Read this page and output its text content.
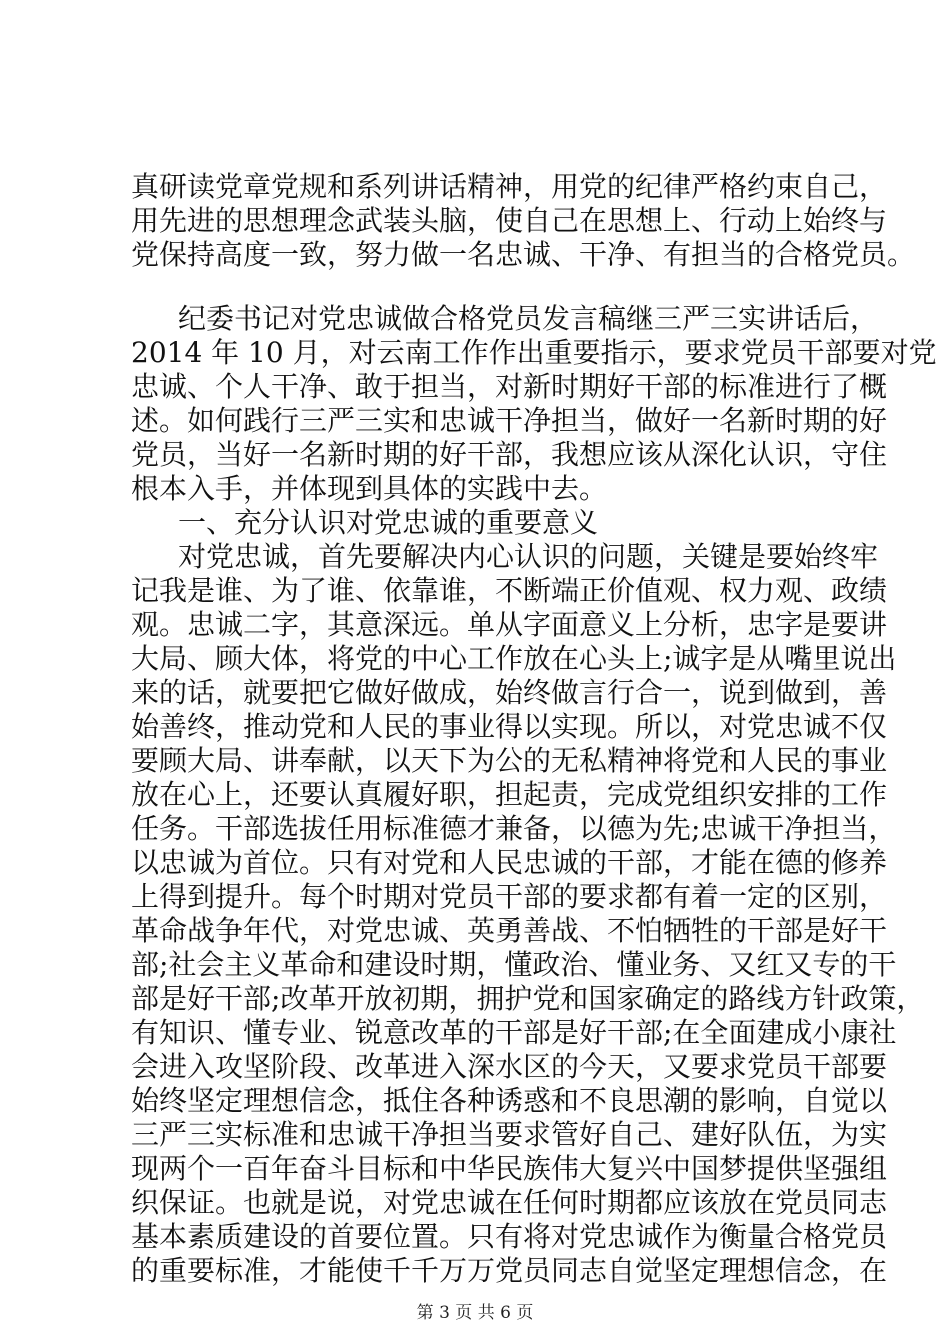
真研读党章党规和系列讲话精神，用党的纪律严格约束自己，
用先进的思想理念武装头脑，使自己在思想上、行动上始终与
党保持高度一致，努力做一名忠诚、干净、有担当的合格党员。
纪委书记对党忠诚做合格党员发言稿继三严三实讲话后，
2014 年 10 月，对云南工作作出重要指示，要求党员干部要对党
忠诚、个人干净、敢于担当，对新时期好干部的标准进行了概
述。如何践行三严三实和忠诚干净担当，做好一名新时期的好
党员，当好一名新时期的好干部，我想应该从深化认识，守住
根本入手，并体现到具体的实践中去。
一、充分认识对党忠诚的重要意义
对党忠诚，首先要解决内心认识的问题，关键是要始终牢
记我是谁、为了谁、依靠谁，不断端正价值观、权力观、政绩
观。忠诚二字，其意深远。单从字面意义上分析，忠字是要讲
大局、顾大体，将党的中心工作放在心头上;诚字是从嘴里说出
来的话，就要把它做好做成，始终做言行合一，说到做到，善
始善终，推动党和人民的事业得以实现。所以，对党忠诚不仅
要顾大局、讲奉献，以天下为公的无私精神将党和人民的事业
放在心上，还要认真履好职，担起责，完成党组织安排的工作
任务。干部选拔任用标准德才兼备，以德为先;忠诚干净担当，
以忠诚为首位。只有对党和人民忠诚的干部，才能在德的修养
上得到提升。每个时期对党员干部的要求都有着一定的区别，
革命战争年代，对党忠诚、英勇善战、不怕牺牲的干部是好干
部;社会主义革命和建设时期，懂政治、懂业务、又红又专的干
部是好干部;改革开放初期，拥护党和国家确定的路线方针政策，
有知识、懂专业、锐意改革的干部是好干部;在全面建成小康社
会进入攻坚阶段、改革进入深水区的今天，又要求党员干部要
始终坚定理想信念，抵住各种诱惑和不良思潮的影响，自觉以
三严三实标准和忠诚干净担当要求管好自己、建好队伍，为实
现两个一百年奋斗目标和中华民族伟大复兴中国梦提供坚强组
织保证。也就是说，对党忠诚在任何时期都应该放在党员同志
基本素质建设的首要位置。只有将对党忠诚作为衡量合格党员
的重要标准，才能使千千万万党员同志自觉坚定理想信念，在
第 3 页 共 6 页
